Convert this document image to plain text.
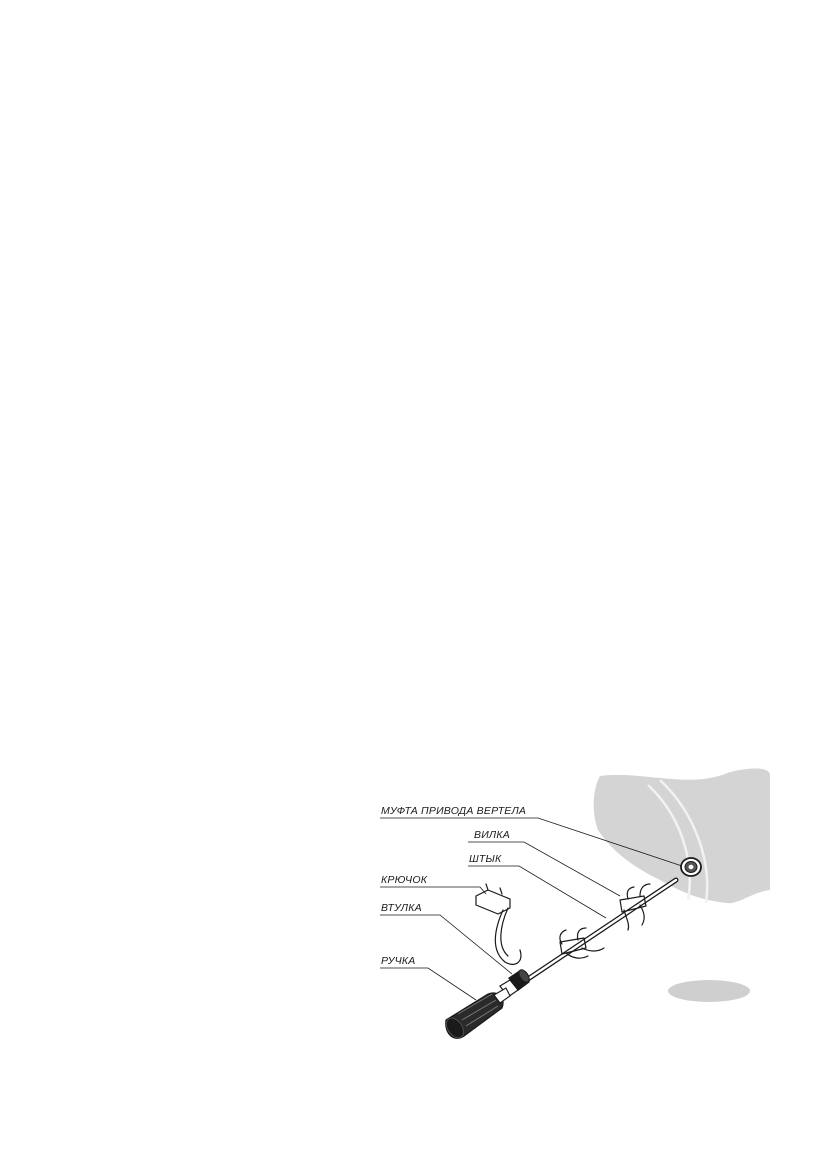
МУФТА ПРИВОДА ВЕРТЕЛА
ВИЛКА
ШТЫК
КРЮЧОК
ВТУЛКА
РУЧКА
